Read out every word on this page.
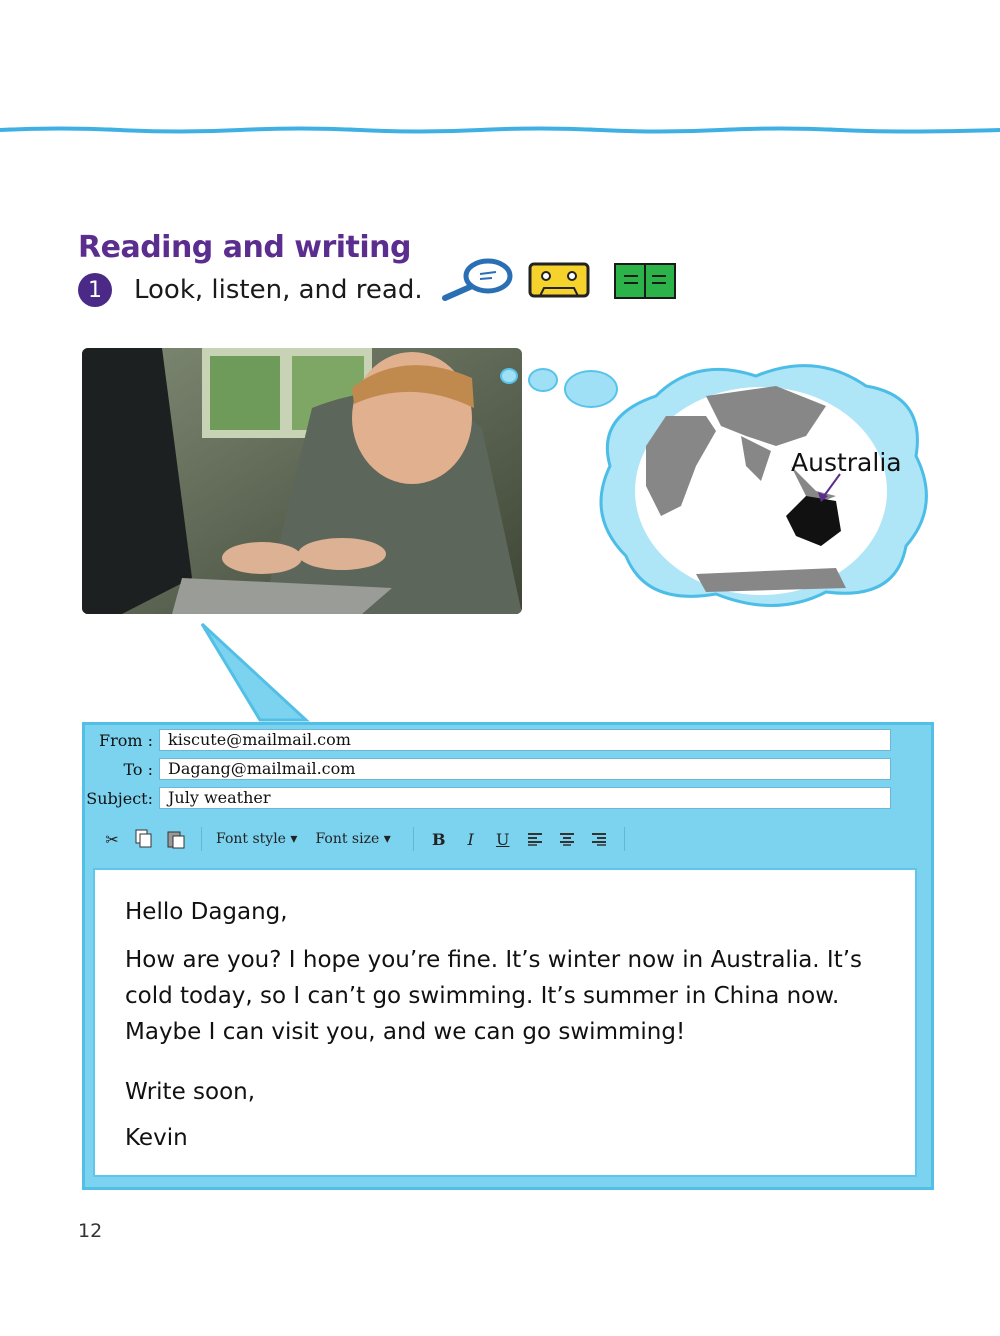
Reading and writing
1	Look, listen, and read.
Australia
From : kiscute@mailmail.com
To : Dagang@mailmail.com
Subject: July weather
✂	Font style ▾ Font size ▾	B	I	U

Hello Dagang,

How are you? I hope you’re fine. It’s winter now in Australia. It’s cold today, so I can’t go swimming. It’s summer in China now. Maybe I can visit you, and we can go swimming!

Write soon,

Kevin

12
